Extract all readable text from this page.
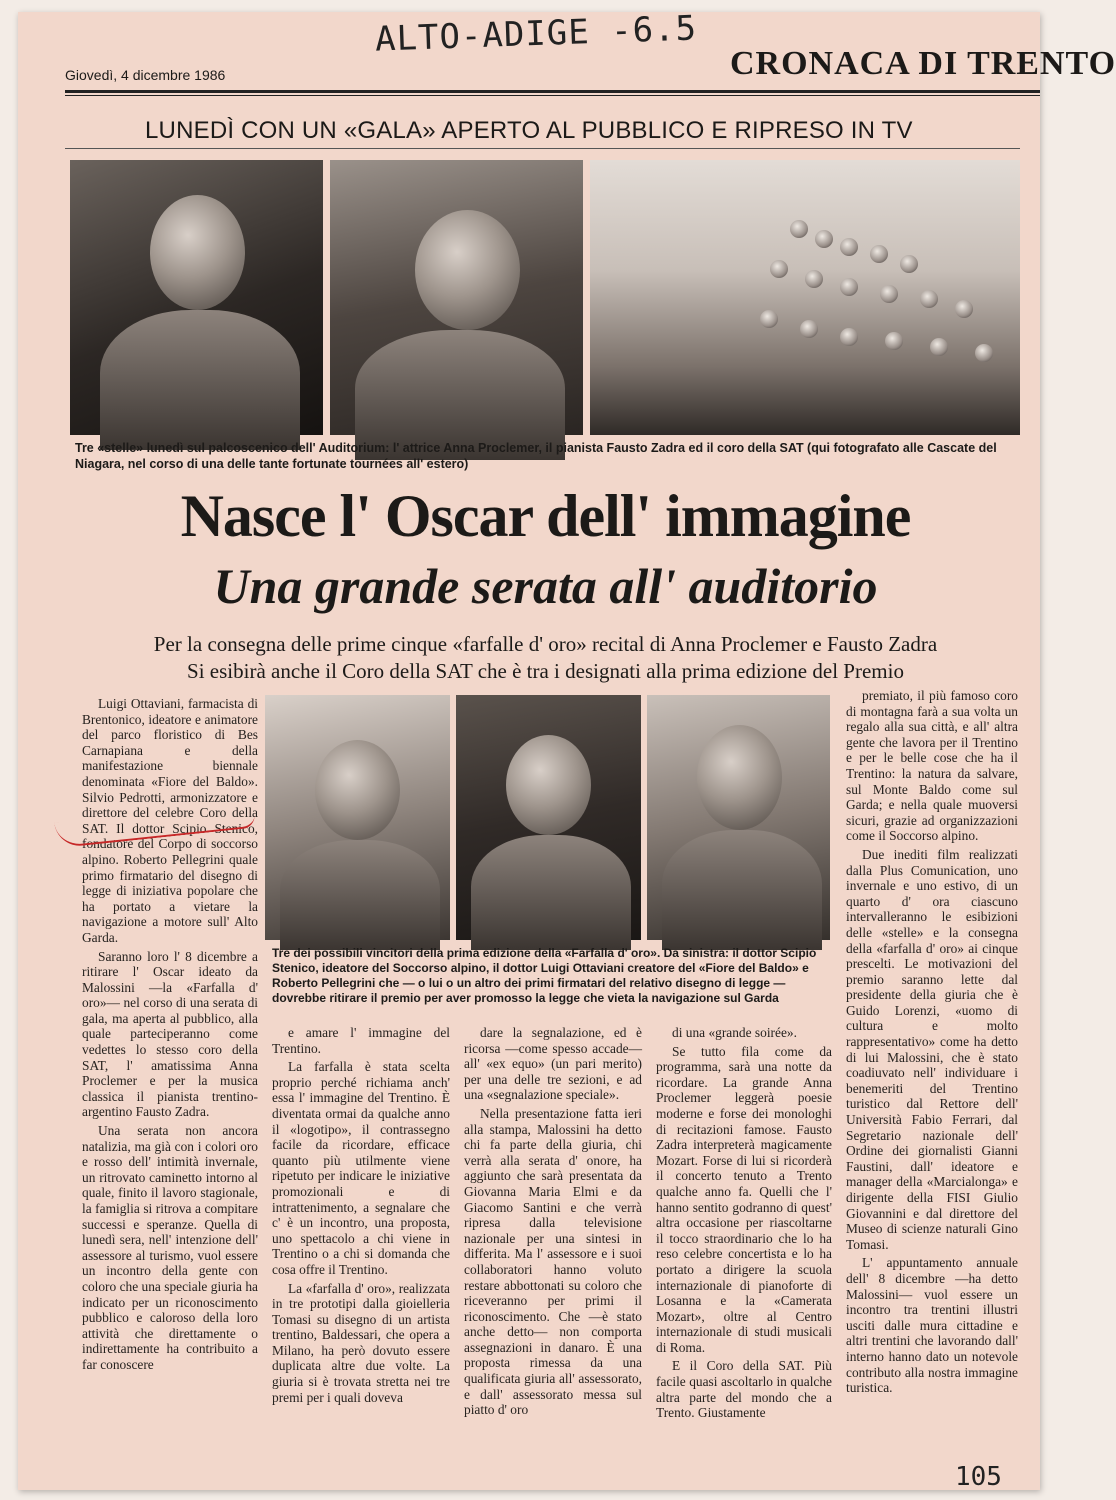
ALTO-ADIGE -6.5
Giovedì, 4 dicembre 1986	CRONACA DI TRENTO
LUNEDÌ CON UN «GALA» APERTO AL PUBBLICO E RIPRESO IN TV
Tre «stelle» lunedì sul palcoscenico dell' Auditorium: l' attrice Anna Proclemer, il pianista Fausto Zadra ed il coro della SAT (qui fotografato alle Cascate del Niagara, nel corso di una delle tante fortunate tournées all' estero)
Nasce l' Oscar dell' immagine
Una grande serata all' auditorio
Per la consegna delle prime cinque «farfalle d' oro» recital di Anna Proclemer e Fausto Zadra
Si esibirà anche il Coro della SAT che è tra i designati alla prima edizione del Premio

Luigi Ottaviani, farmacista di Brentonico, ideatore e animatore del parco floristico di Bes Carnapiana e della manifestazione biennale denominata «Fiore del Baldo». Silvio Pedrotti, armonizzatore e direttore del celebre Coro della SAT. Il dottor Scipio Stenico, fondatore del Corpo di soccorso alpino. Roberto Pellegrini quale primo firmatario del disegno di legge di iniziativa popolare che ha portato a vietare la navigazione a motore sull' Alto Garda.

Saranno loro l' 8 dicembre a ritirare l' Oscar ideato da Malossini —la «Farfalla d' oro»— nel corso di una serata di gala, ma aperta al pubblico, alla quale parteciperanno come vedettes lo stesso coro della SAT, l' amatissima Anna Proclemer e per la musica classica il pianista trentino-argentino Fausto Zadra.

Una serata non ancora natalizia, ma già con i colori oro e rosso dell' intimità invernale, un ritrovato caminetto intorno al quale, finito il lavoro stagionale, la famiglia si ritrova a compitare successi e speranze. Quella di lunedì sera, nell' intenzione dell' assessore al turismo, vuol essere un incontro della gente con coloro che una speciale giuria ha indicato per un riconoscimento pubblico e caloroso della loro attività che direttamente o indirettamente ha contribuito a far conoscere

Tre dei possibili vincitori della prima edizione della «Farfalla d' oro». Da sinistra: il dottor Scipio Stenico, ideatore del Soccorso alpino, il dottor Luigi Ottaviani creatore del «Fiore del Baldo» e Roberto Pellegrini che — o lui o un altro dei primi firmatari del relativo disegno di legge — dovrebbe ritirare il premio per aver promosso la legge che vieta la navigazione sul Garda

e amare l' immagine del Trentino.

La farfalla è stata scelta proprio perché richiama anch' essa l' immagine del Trentino. È diventata ormai da qualche anno il «logotipo», il contrassegno facile da ricordare, efficace quanto più utilmente viene ripetuto per indicare le iniziative promozionali e di intrattenimento, a segnalare che c' è un incontro, una proposta, uno spettacolo a chi viene in Trentino o a chi si domanda che cosa offre il Trentino.

La «farfalla d' oro», realizzata in tre prototipi dalla gioielleria Tomasi su disegno di un artista trentino, Baldessari, che opera a Milano, ha però dovuto essere duplicata altre due volte. La giuria si è trovata stretta nei tre premi per i quali doveva

dare la segnalazione, ed è ricorsa —come spesso accade— all' «ex equo» (un pari merito) per una delle tre sezioni, e ad una «segnalazione speciale».

Nella presentazione fatta ieri alla stampa, Malossini ha detto chi fa parte della giuria, chi verrà alla serata d' onore, ha aggiunto che sarà presentata da Giovanna Maria Elmi e da Giacomo Santini e che verrà ripresa dalla televisione nazionale per una sintesi in differita. Ma l' assessore e i suoi collaboratori hanno voluto restare abbottonati su coloro che riceveranno per primi il riconoscimento. Che —è stato anche detto— non comporta assegnazioni in danaro. È una proposta rimessa da una qualificata giuria all' assessorato, e dall' assessorato messa sul piatto d' oro

di una «grande soirée».

Se tutto fila come da programma, sarà una notte da ricordare. La grande Anna Proclemer leggerà poesie moderne e forse dei monologhi di recitazioni famose. Fausto Zadra interpreterà magicamente Mozart. Forse di lui si ricorderà il concerto tenuto a Trento qualche anno fa. Quelli che l' hanno sentito godranno di quest' altra occasione per riascoltarne il tocco straordinario che lo ha reso celebre concertista e lo ha portato a dirigere la scuola internazionale di pianoforte di Losanna e la «Camerata Mozart», oltre al Centro internazionale di studi musicali di Roma.

E il Coro della SAT. Più facile quasi ascoltarlo in qualche altra parte del mondo che a Trento. Giustamente

premiato, il più famoso coro di montagna farà a sua volta un regalo alla sua città, e all' altra gente che lavora per il Trentino e per le belle cose che ha il Trentino: la natura da salvare, sul Monte Baldo come sul Garda; e nella quale muoversi sicuri, grazie ad organizzazioni come il Soccorso alpino.

Due inediti film realizzati dalla Plus Comunication, uno invernale e uno estivo, di un quarto d' ora ciascuno intervalleranno le esibizioni delle «stelle» e la consegna della «farfalla d' oro» ai cinque prescelti. Le motivazioni del premio saranno lette dal presidente della giuria che è Guido Lorenzi, «uomo di cultura e molto rappresentativo» come ha detto di lui Malossini, che è stato coadiuvato nell' individuare i benemeriti del Trentino turistico dal Rettore dell' Università Fabio Ferrari, dal Segretario nazionale dell' Ordine dei giornalisti Gianni Faustini, dall' ideatore e manager della «Marcialonga» e dirigente della FISI Giulio Giovannini e dal direttore del Museo di scienze naturali Gino Tomasi.

L' appuntamento annuale dell' 8 dicembre —ha detto Malossini— vuol essere un incontro tra trentini illustri usciti dalle mura cittadine e altri trentini che lavorando dall' interno hanno dato un notevole contributo alla nostra immagine turistica.

105
